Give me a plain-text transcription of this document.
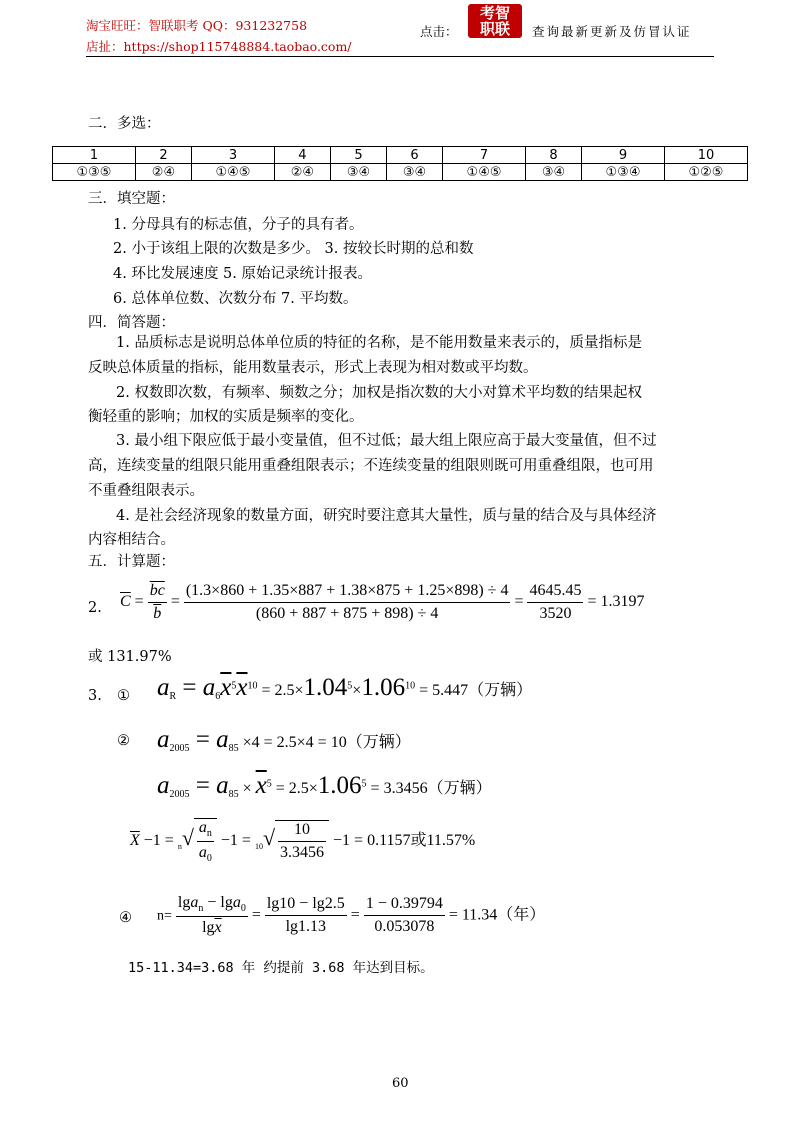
淘宝旺旺：智联职考 QQ：931232758
店扯：https://shop115748884.taobao.com/
点击：
考智
职联	查询最新更新及仿冒认证
二．多选：
1	2	3	4	5	6	7	8	9	10
①③⑤	②④	①④⑤	②④	③④	③④	①④⑤	③④	①③④	①②⑤
三．填空题：
1. 分母具有的标志值，分子的具有者。
2. 小于该组上限的次数是多少。 3. 按较长时期的总和数
4. 环比发展速度 5. 原始记录统计报表。
6. 总体单位数、次数分布 7. 平均数。
四．简答题：
1. 品质标志是说明总体单位质的特征的名称，是不能用数量来表示的，质量指标是
反映总体质量的指标，能用数量表示，形式上表现为相对数或平均数。
2. 权数即次数，有频率、频数之分；加权是指次数的大小对算术平均数的结果起权
衡轻重的影响；加权的实质是频率的变化。
3. 最小组下限应低于最小变量值，但不过低；最大组上限应高于最大变量值，但不过
高，连续变量的组限只能用重叠组限表示；不连续变量的组限则既可用重叠组限，也可用
不重叠组限表示。
4. 是社会经济现象的数量方面，研究时要注意其大量性，质与量的结合及与具体经济
内容相结合。
五．计算题：
2. $\overline{C} = \frac{\overline{bc}}{b} = \frac{(1.3\times 860 + 1.35\times 887 + 1.38\times 875 + 1.25\times 898) \div 4}{(860 + 887 + 875 + 898) \div 4} = \frac{4645.45}{3520} = 1.3197$
或 131.97%
3. ① $a_R = a_6\overline{x}^5\overline{x}^{10} = 2.5\times 1.04^5\times 1.06^{10} = 5.447$（万辆）
② $a_{2005} = a_{85} \times 4 = 2.5\times 4 = 10$（万辆）
$a_{2005} = a_{85} \times \overline{x}^5 = 2.5\times 1.06^5 = 3.3456$（万辆）
$\overline{X} -1 = _n√ \frac{a_n}{a_0} -1 = _{10}√ \frac{10}{3.3456} -1 = 0.1157$或11.57%
④ $n= \frac{\lg a_n - \lg a_0}{\lg\overline{x}} = \frac{\lg 10 - \lg 2.5}{\lg 1.13} = \frac{1 - 0.39794}{0.053078} = 11.34$（年）
15-11.34=3.68 年 约提前 3.68 年达到目标。
60
